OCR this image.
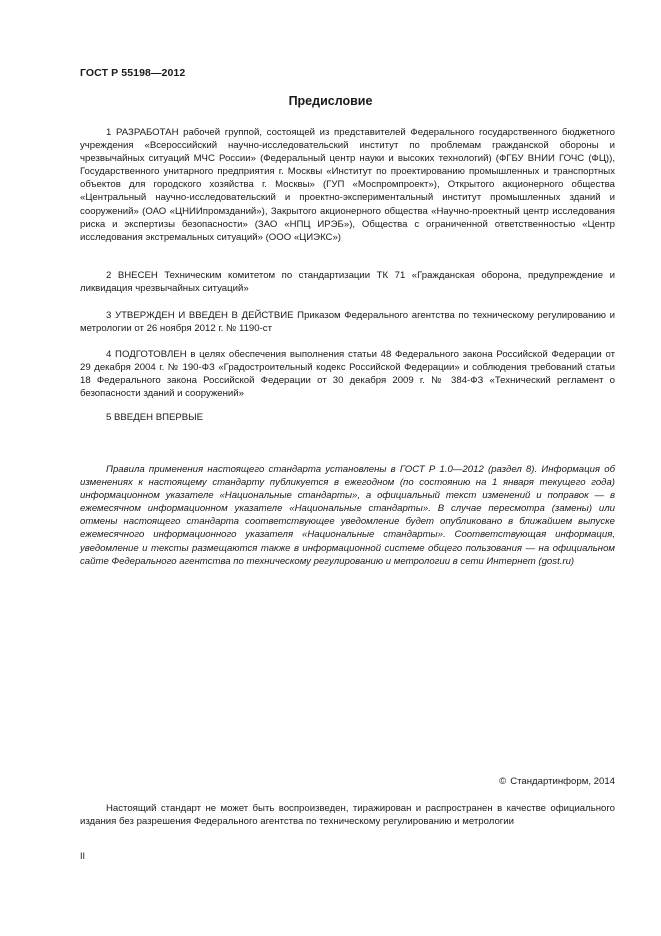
ГОСТ Р 55198—2012
Предисловие
1 РАЗРАБОТАН рабочей группой, состоящей из представителей Федерального государственного бюджетного учреждения «Всероссийский научно-исследовательский институт по проблемам гражданской обороны и чрезвычайных ситуаций МЧС России» (Федеральный центр науки и высоких технологий) (ФГБУ ВНИИ ГОЧС (ФЦ)), Государственного унитарного предприятия г. Москвы «Институт по проектированию промышленных и транспортных объектов для городского хозяйства г. Москвы» (ГУП «Моспромпроект»), Открытого акционерного общества «Центральный научно-исследовательский и проектно-экспериментальный институт промышленных зданий и сооружений» (ОАО «ЦНИИпромзданий»), Закрытого акционерного общества «Научно-проектный центр исследования риска и экспертизы безопасности» (ЗАО «НПЦ ИРЭБ»), Общества с ограниченной ответственностью «Центр исследования экстремальных ситуаций» (ООО «ЦИЭКС»)
2 ВНЕСЕН Техническим комитетом по стандартизации ТК 71 «Гражданская оборона, предупреждение и ликвидация чрезвычайных ситуаций»
3 УТВЕРЖДЕН И ВВЕДЕН В ДЕЙСТВИЕ Приказом Федерального агентства по техническому регулированию и метрологии от 26 ноября 2012 г. № 1190-ст
4 ПОДГОТОВЛЕН в целях обеспечения выполнения статьи 48 Федерального закона Российской Федерации от 29 декабря 2004 г. № 190-ФЗ «Градостроительный кодекс Российской Федерации» и соблюдения требований статьи 18 Федерального закона Российской Федерации от 30 декабря 2009 г. № 384-ФЗ «Технический регламент о безопасности зданий и сооружений»
5 ВВЕДЕН ВПЕРВЫЕ
Правила применения настоящего стандарта установлены в ГОСТ Р 1.0—2012 (раздел 8). Информация об изменениях к настоящему стандарту публикуется в ежегодном (по состоянию на 1 января текущего года) информационном указателе «Национальные стандарты», а официальный текст изменений и поправок — в ежемесячном информационном указателе «Национальные стандарты». В случае пересмотра (замены) или отмены настоящего стандарта соответствующее уведомление будет опубликовано в ближайшем выпуске ежемесячного информационного указателя «Национальные стандарты». Соответствующая информация, уведомление и тексты размещаются также в информационной системе общего пользования — на официальном сайте Федерального агентства по техническому регулированию и метрологии в сети Интернет (gost.ru)
© Стандартинформ, 2014
Настоящий стандарт не может быть воспроизведен, тиражирован и распространен в качестве официального издания без разрешения Федерального агентства по техническому регулированию и метрологии
II
